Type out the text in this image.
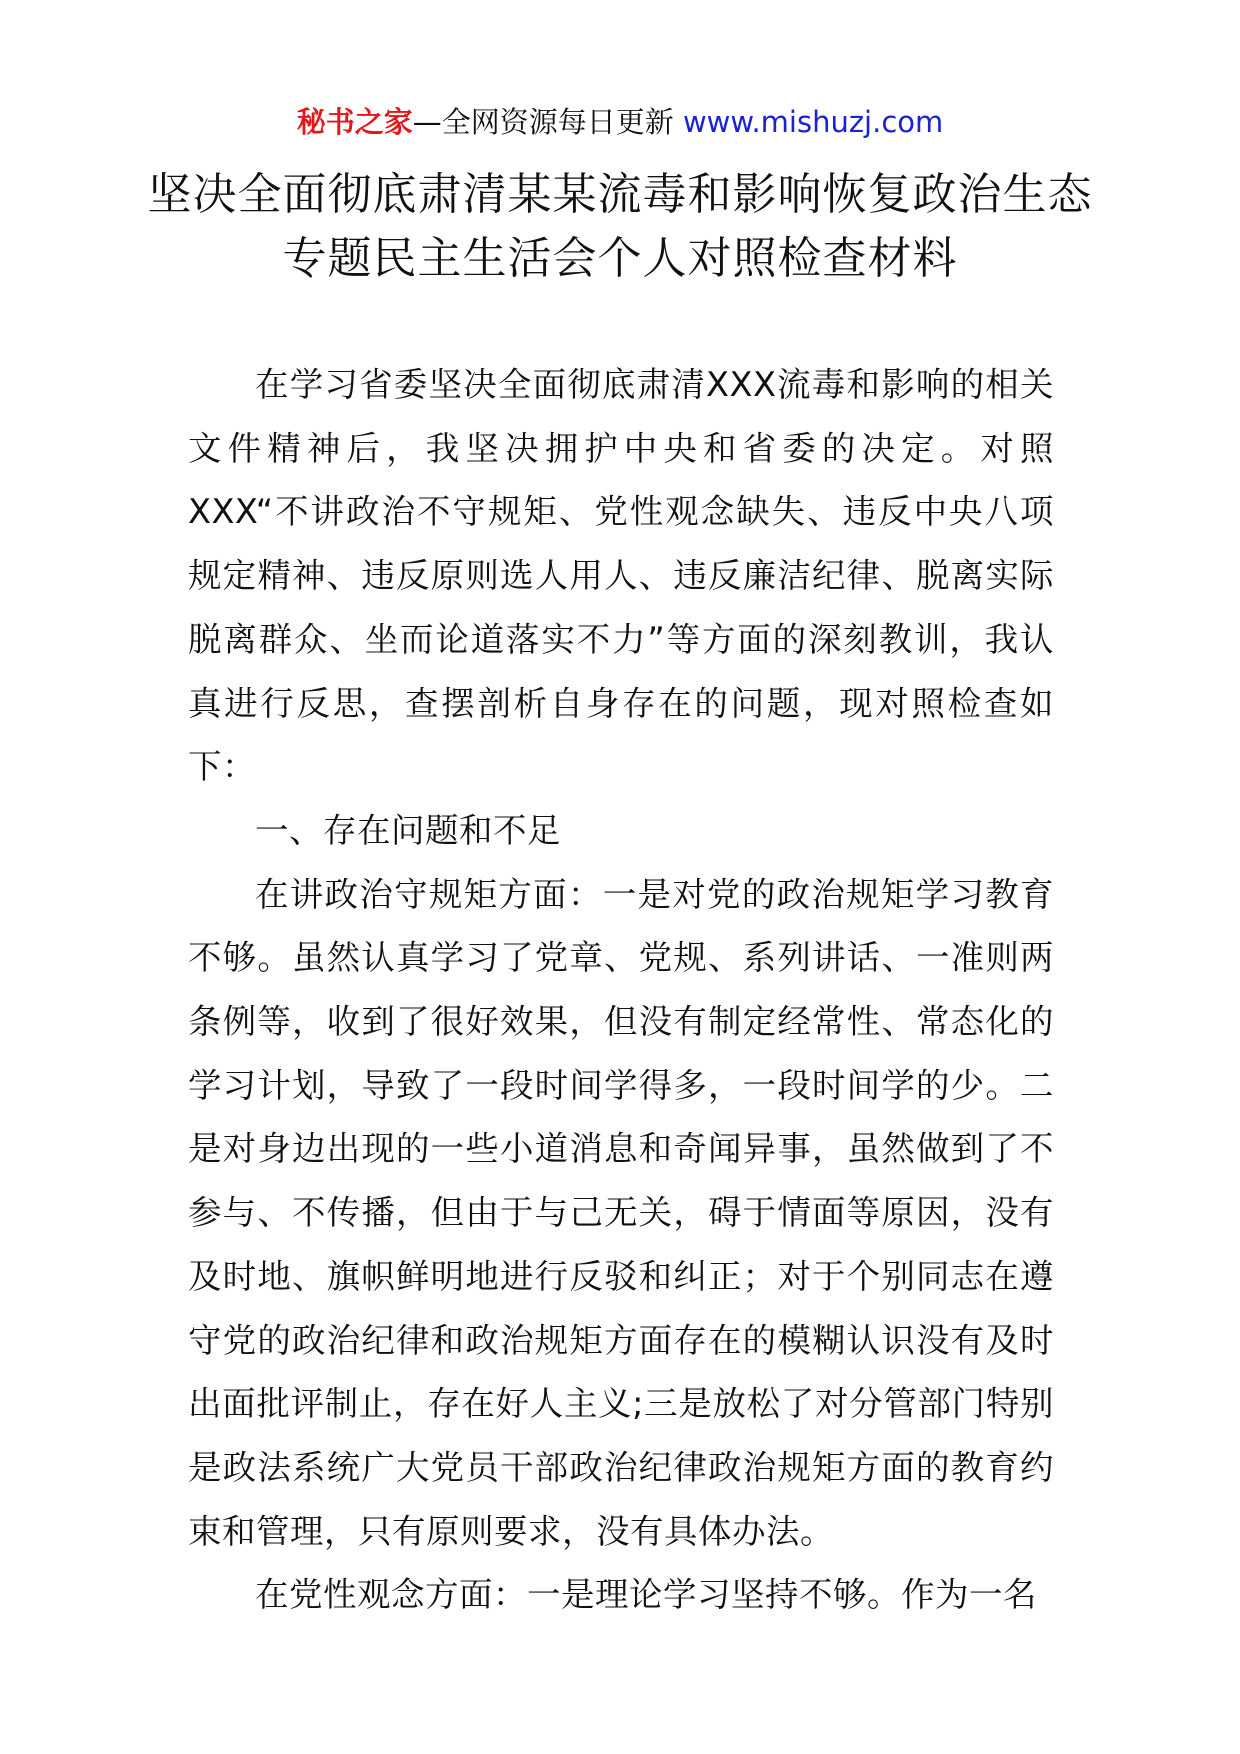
秘书之家—全网资源每日更新 www.mishuzj.com
坚决全面彻底肃清某某流毒和影响恢复政治生态专题民主生活会个人对照检查材料

在学习省委坚决全面彻底肃清XXX流毒和影响的相关文件精神后，我坚决拥护中央和省委的决定。对照XXX“不讲政治不守规矩、党性观念缺失、违反中央八项规定精神、违反原则选人用人、违反廉洁纪律、脱离实际脱离群众、坐而论道落实不力”等方面的深刻教训，我认真进行反思，查摆剖析自身存在的问题，现对照检查如下：

一、存在问题和不足

在讲政治守规矩方面：一是对党的政治规矩学习教育不够。虽然认真学习了党章、党规、系列讲话、一准则两条例等，收到了很好效果，但没有制定经常性、常态化的学习计划，导致了一段时间学得多，一段时间学的少。二是对身边出现的一些小道消息和奇闻异事，虽然做到了不参与、不传播，但由于与己无关，碍于情面等原因，没有及时地、旗帜鲜明地进行反驳和纠正；对于个别同志在遵守党的政治纪律和政治规矩方面存在的模糊认识没有及时出面批评制止，存在好人主义;三是放松了对分管部门特别是政法系统广大党员干部政治纪律政治规矩方面的教育约束和管理，只有原则要求，没有具体办法。

在党性观念方面：一是理论学习坚持不够。作为一名
